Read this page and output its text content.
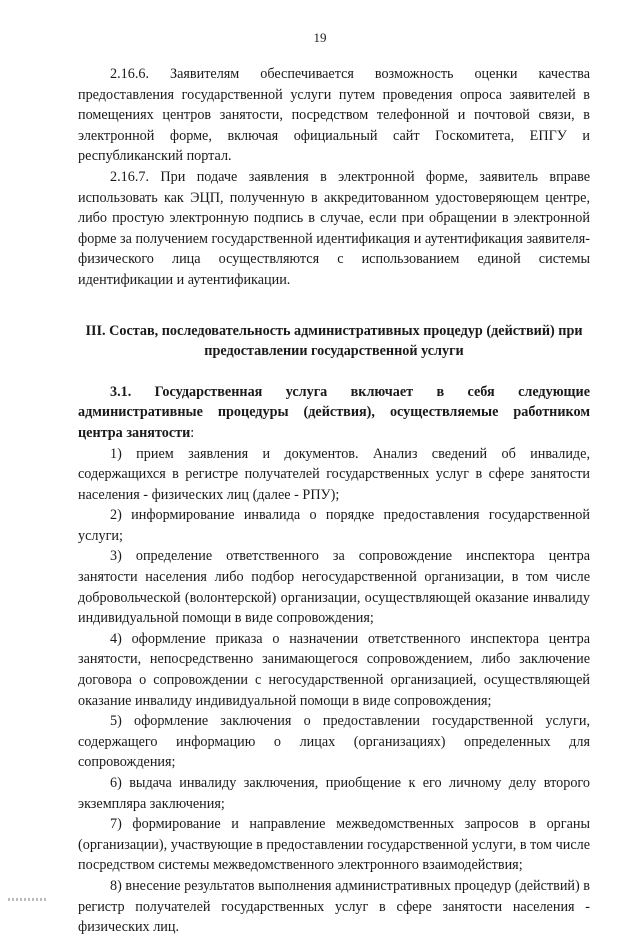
19

2.16.6. Заявителям обеспечивается возможность оценки качества предоставления государственной услуги путем проведения опроса заявителей в помещениях центров занятости, посредством телефонной и почтовой связи, в электронной форме, включая официальный сайт Госкомитета, ЕПГУ и республиканский портал.

2.16.7. При подаче заявления в электронной форме, заявитель вправе использовать как ЭЦП, полученную в аккредитованном удостоверяющем центре, либо простую электронную подпись в случае, если при обращении в электронной форме за получением государственной идентификация и аутентификация заявителя-физического лица осуществляются с использованием единой системы идентификации и аутентификации.

III. Состав, последовательность административных процедур (действий) при предоставлении государственной услуги

3.1. Государственная услуга включает в себя следующие административные процедуры (действия), осуществляемые работником центра занятости:

1) прием заявления и документов. Анализ сведений об инвалиде, содержащихся в регистре получателей государственных услуг в сфере занятости населения - физических лиц (далее - РПУ);

2) информирование инвалида о порядке предоставления государственной услуги;

3) определение ответственного за сопровождение инспектора центра занятости населения либо подбор негосударственной организации, в том числе добровольческой (волонтерской) организации, осуществляющей оказание инвалиду индивидуальной помощи в виде сопровождения;

4) оформление приказа о назначении ответственного инспектора центра занятости, непосредственно занимающегося сопровождением, либо заключение договора о сопровождении с негосударственной организацией, осуществляющей оказание инвалиду индивидуальной помощи в виде сопровождения;

5) оформление заключения о предоставлении государственной услуги, содержащего информацию о лицах (организациях) определенных для сопровождения;

6) выдача инвалиду заключения, приобщение к его личному делу второго экземпляра заключения;

7) формирование и направление межведомственных запросов в органы (организации), участвующие в предоставлении государственной услуги, в том числе посредством системы межведомственного электронного взаимодействия;

8) внесение результатов выполнения административных процедур (действий) в регистр получателей государственных услуг в сфере занятости населения - физических лиц.
